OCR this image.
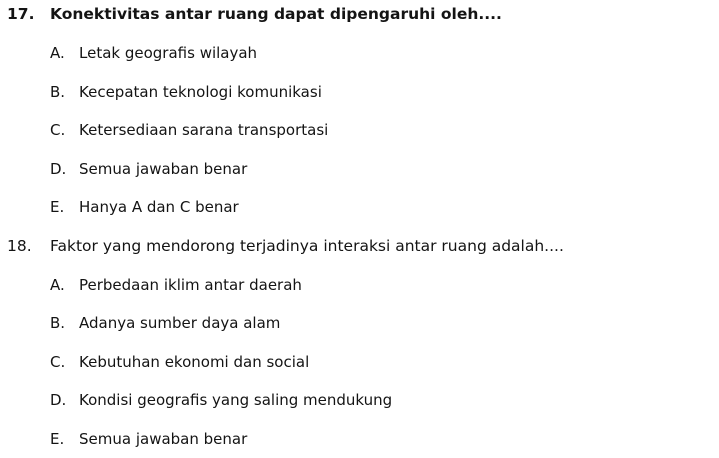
17. Konektivitas antar ruang dapat dipengaruhi oleh....
A. Letak geografis wilayah
B. Kecepatan teknologi komunikasi
C. Ketersediaan sarana transportasi
D. Semua jawaban benar
E. Hanya A dan C benar
18. Faktor yang mendorong terjadinya interaksi antar ruang adalah....
A. Perbedaan iklim antar daerah
B. Adanya sumber daya alam
C. Kebutuhan ekonomi dan social
D. Kondisi geografis yang saling mendukung
E. Semua jawaban benar
